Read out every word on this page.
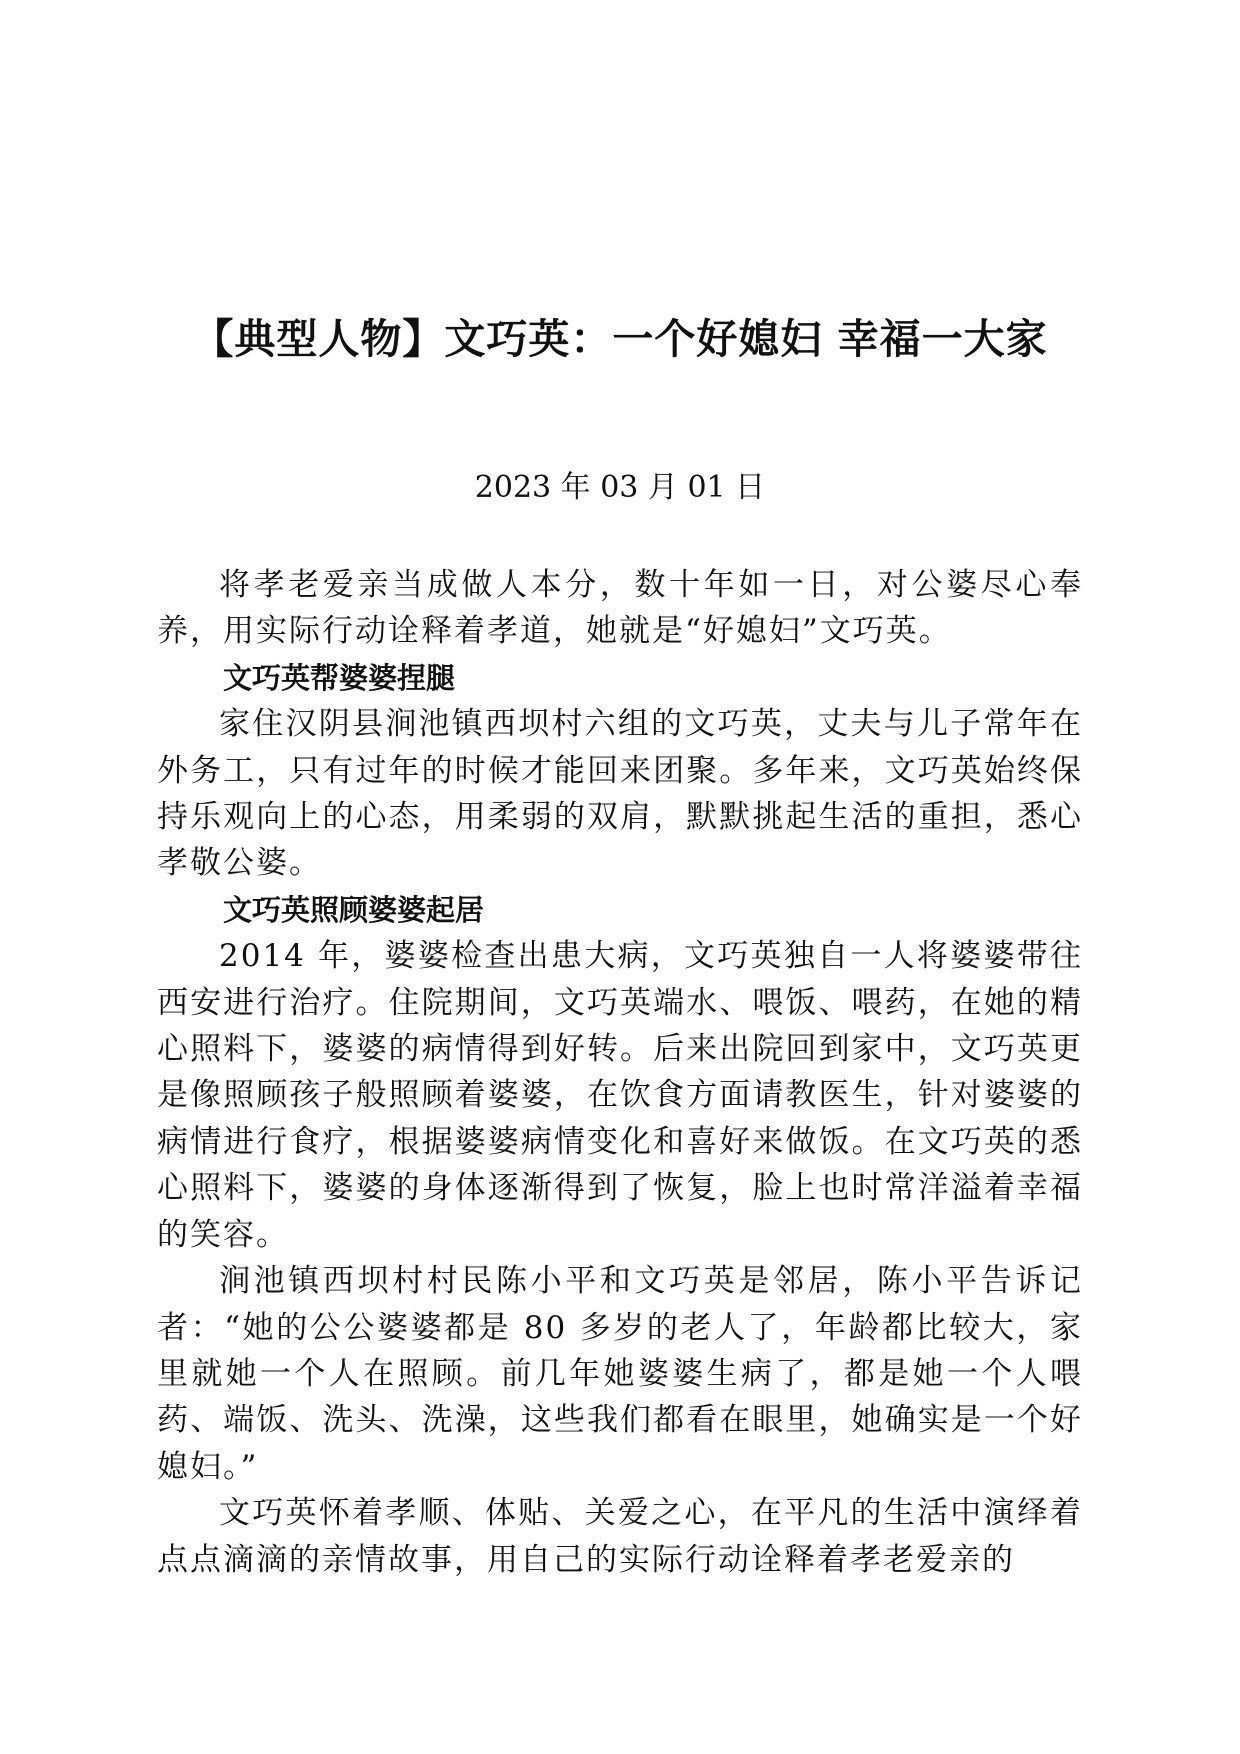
【典型人物】文巧英：一个好媳妇 幸福一大家

2023 年 03 月 01 日

将孝老爱亲当成做人本分，数十年如一日，对公婆尽心奉养，用实际行动诠释着孝道，她就是“好媳妇”文巧英。

文巧英帮婆婆捏腿

家住汉阴县涧池镇西坝村六组的文巧英，丈夫与儿子常年在外务工，只有过年的时候才能回来团聚。多年来，文巧英始终保持乐观向上的心态，用柔弱的双肩，默默挑起生活的重担，悉心孝敬公婆。

文巧英照顾婆婆起居

2014 年，婆婆检查出患大病，文巧英独自一人将婆婆带往西安进行治疗。住院期间，文巧英端水、喂饭、喂药，在她的精心照料下，婆婆的病情得到好转。后来出院回到家中，文巧英更是像照顾孩子般照顾着婆婆，在饮食方面请教医生，针对婆婆的病情进行食疗，根据婆婆病情变化和喜好来做饭。在文巧英的悉心照料下，婆婆的身体逐渐得到了恢复，脸上也时常洋溢着幸福的笑容。

涧池镇西坝村村民陈小平和文巧英是邻居，陈小平告诉记者：“她的公公婆婆都是 80 多岁的老人了，年龄都比较大，家里就她一个人在照顾。前几年她婆婆生病了，都是她一个人喂药、端饭、洗头、洗澡，这些我们都看在眼里，她确实是一个好媳妇。”

文巧英怀着孝顺、体贴、关爱之心，在平凡的生活中演绎着点点滴滴的亲情故事，用自己的实际行动诠释着孝老爱亲的
